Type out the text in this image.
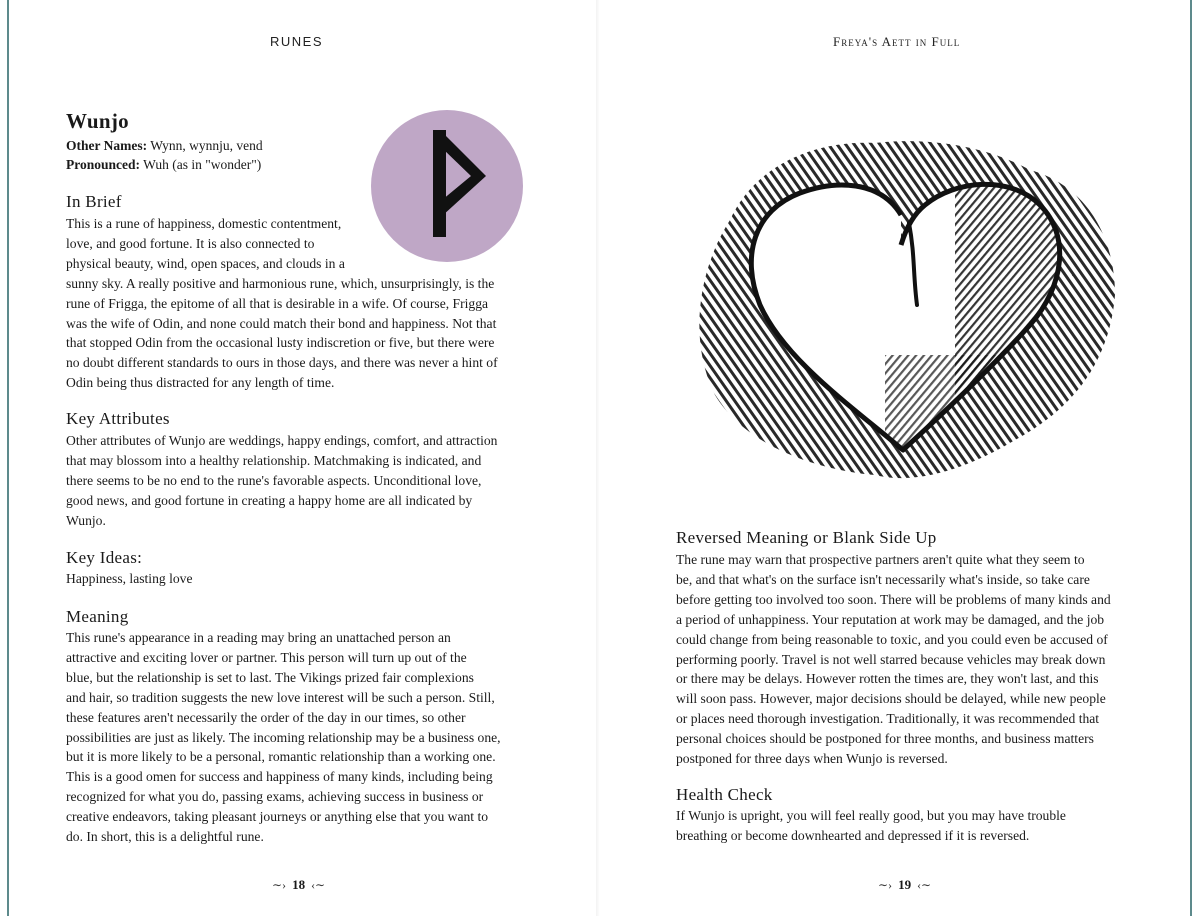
RUNES
Wunjo
Other Names: Wynn, wynnju, vend
Pronounced: Wuh (as in "wonder")
In Brief

This is a rune of happiness, domestic contentment,

love, and good fortune. It is also connected to

physical beauty, wind, open spaces, and clouds in a

sunny sky. A really positive and harmonious rune, which, unsurprisingly, is the

rune of Frigga, the epitome of all that is desirable in a wife. Of course, Frigga

was the wife of Odin, and none could match their bond and happiness. Not that

that stopped Odin from the occasional lusty indiscretion or five, but there were

no doubt different standards to ours in those days, and there was never a hint of

Odin being thus distracted for any length of time.

Key Attributes

Other attributes of Wunjo are weddings, happy endings, comfort, and attraction

that may blossom into a healthy relationship. Matchmaking is indicated, and

there seems to be no end to the rune's favorable aspects. Unconditional love,

good news, and good fortune in creating a happy home are all indicated by

Wunjo.

Key Ideas:

Happiness, lasting love

Meaning

This rune's appearance in a reading may bring an unattached person an

attractive and exciting lover or partner. This person will turn up out of the

blue, but the relationship is set to last. The Vikings prized fair complexions

and hair, so tradition suggests the new love interest will be such a person. Still,

these features aren't necessarily the order of the day in our times, so other

possibilities are just as likely. The incoming relationship may be a business one,

but it is more likely to be a personal, romantic relationship than a working one.

This is a good omen for success and happiness of many kinds, including being

recognized for what you do, passing exams, achieving success in business or

creative endeavors, taking pleasant journeys or anything else that you want to

do. In short, this is a delightful rune.

∼› 18 ‹∼
Freya's Aett in Full
Reversed Meaning or Blank Side Up

The rune may warn that prospective partners aren't quite what they seem to

be, and that what's on the surface isn't necessarily what's inside, so take care

before getting too involved too soon. There will be problems of many kinds and

a period of unhappiness. Your reputation at work may be damaged, and the job

could change from being reasonable to toxic, and you could even be accused of

performing poorly. Travel is not well starred because vehicles may break down

or there may be delays. However rotten the times are, they won't last, and this

will soon pass. However, major decisions should be delayed, while new people

or places need thorough investigation. Traditionally, it was recommended that

personal choices should be postponed for three months, and business matters

postponed for three days when Wunjo is reversed.

Health Check

If Wunjo is upright, you will feel really good, but you may have trouble

breathing or become downhearted and depressed if it is reversed.

∼› 19 ‹∼
